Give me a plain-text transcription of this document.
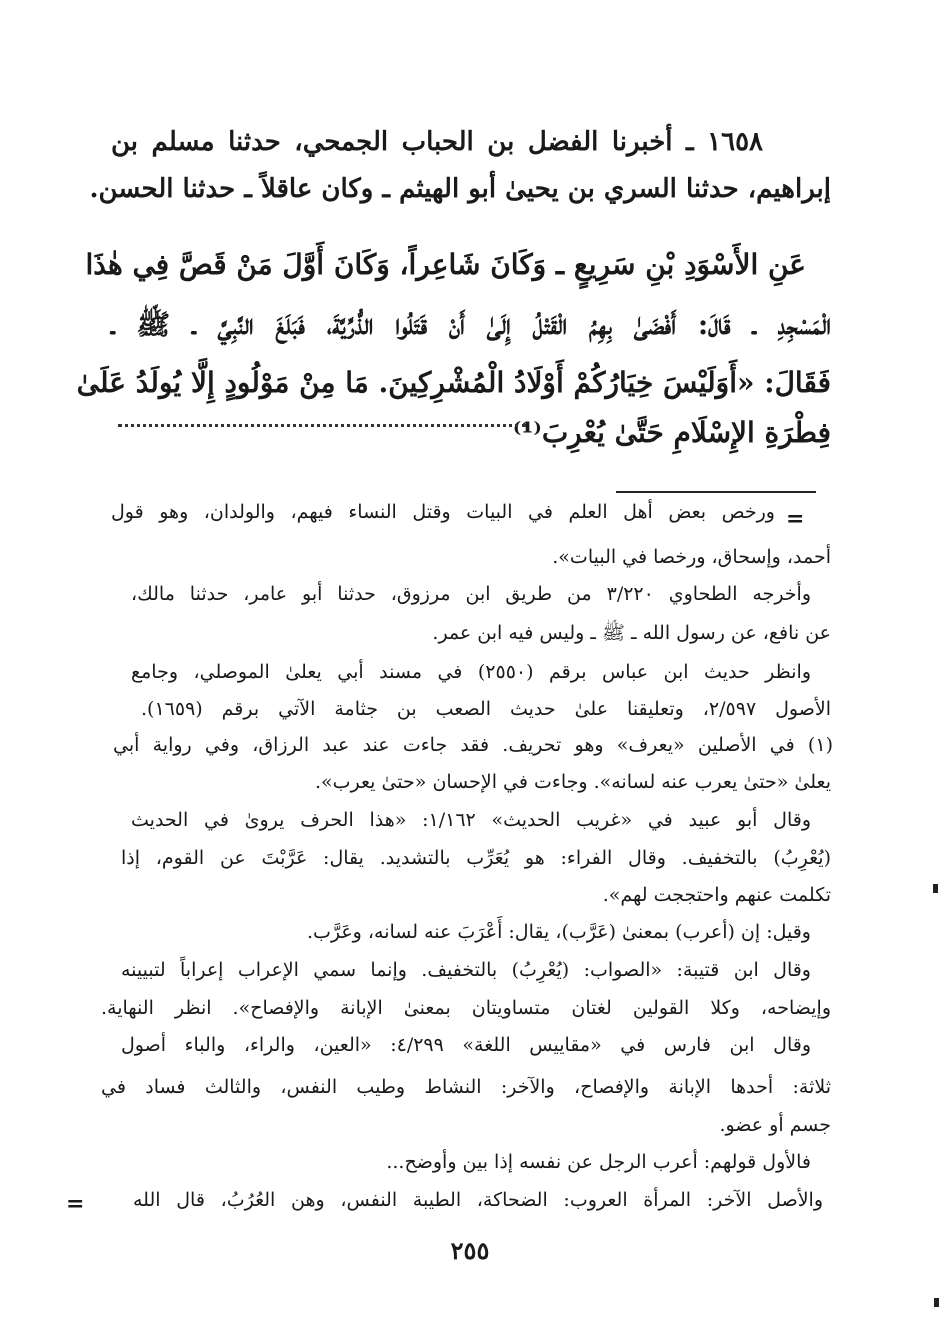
١٦٥٨ ـ أخبرنا الفضل بن الحباب الجمحي، حدثنا مسلم بن
إبراهيم، حدثنا السري بن يحيىٰ أبو الهيثم ـ وكان عاقلاً ـ حدثنا الحسن.
عَنِ الأَسْوَدِ بْنِ سَرِيعٍ ـ وَكَانَ شَاعِراً، وَكَانَ أَوَّلَ مَنْ قَصَّ فِي هٰذَا
الْمَسْجِدِ ـ قَالَ: أَفْضَىٰ بِهِمُ الْقَتْلُ إِلَىٰ أَنْ قَتَلُوا الذُّرِّيَّةَ، فَبَلَغَ النَّبِيَّ ـ ﷺ ـ
فَقَالَ: «أَوَلَيْسَ خِيَارُكُمْ أَوْلَادُ الْمُشْرِكِينَ. مَا مِنْ مَوْلُودٍ إِلَّا يُولَدُ عَلَىٰ
فِطْرَةِ الإِسْلَامِ حَتَّىٰ يُعْرِبَ⁽¹⁾
=
ورخص بعض أهل العلم في البيات وقتل النساء فيهم، والولدان، وهو قول
أحمد، وإسحاق، ورخصا في البيات».
وأخرجه الطحاوي ٣/٢٢٠ من طريق ابن مرزوق، حدثنا أبو عامر، حدثنا مالك،
عن نافع، عن رسول الله ـ ﷺ ـ وليس فيه ابن عمر.
وانظر حديث ابن عباس برقم (٢٥٥٠) في مسند أبي يعلىٰ الموصلي، وجامع
الأصول ٢/٥٩٧، وتعليقنا علىٰ حديث الصعب بن جثامة الآتي برقم (١٦٥٩).
(١) في الأصلين «يعرف» وهو تحريف. فقد جاءت عند عبد الرزاق، وفي رواية أبي
يعلىٰ «حتىٰ يعرب عنه لسانه». وجاءت في الإحسان «حتىٰ يعرب».
وقال أبو عبيد في «غريب الحديث» ١/١٦٢: «هذا الحرف يروىٰ في الحديث
(يُعْرِبُ) بالتخفيف. وقال الفراء: هو يُعَرِّب بالتشديد. يقال: عَرَّبْتَ عن القوم، إذا
تكلمت عنهم واحتججت لهم».
وقيل: إن (أعرب) بمعنىٰ (عَرَّب)، يقال: أَعْرَبَ عنه لسانه، وعَرَّب.
وقال ابن قتيبة: «الصواب: (يُعْرِبُ) بالتخفيف. وإنما سمي الإعراب إعراباً لتبيينه
وإيضاحه، وكلا القولين لغتان متساويتان بمعنىٰ الإبانة والإفصاح». انظر النهاية.
وقال ابن فارس في «مقاييس اللغة» ٤/٢٩٩: «العين، والراء، والباء أصول
ثلاثة: أحدها الإبانة والإفصاح، والآخر: النشاط وطيب النفس، والثالث فساد في
جسم أو عضو.
فالأول قولهم: أعرب الرجل عن نفسه إذا بين وأوضح...
والأصل الآخر: المرأة العروب: الضحاكة، الطيبة النفس، وهن العُرُبُ، قال الله
=
٢٥٥
